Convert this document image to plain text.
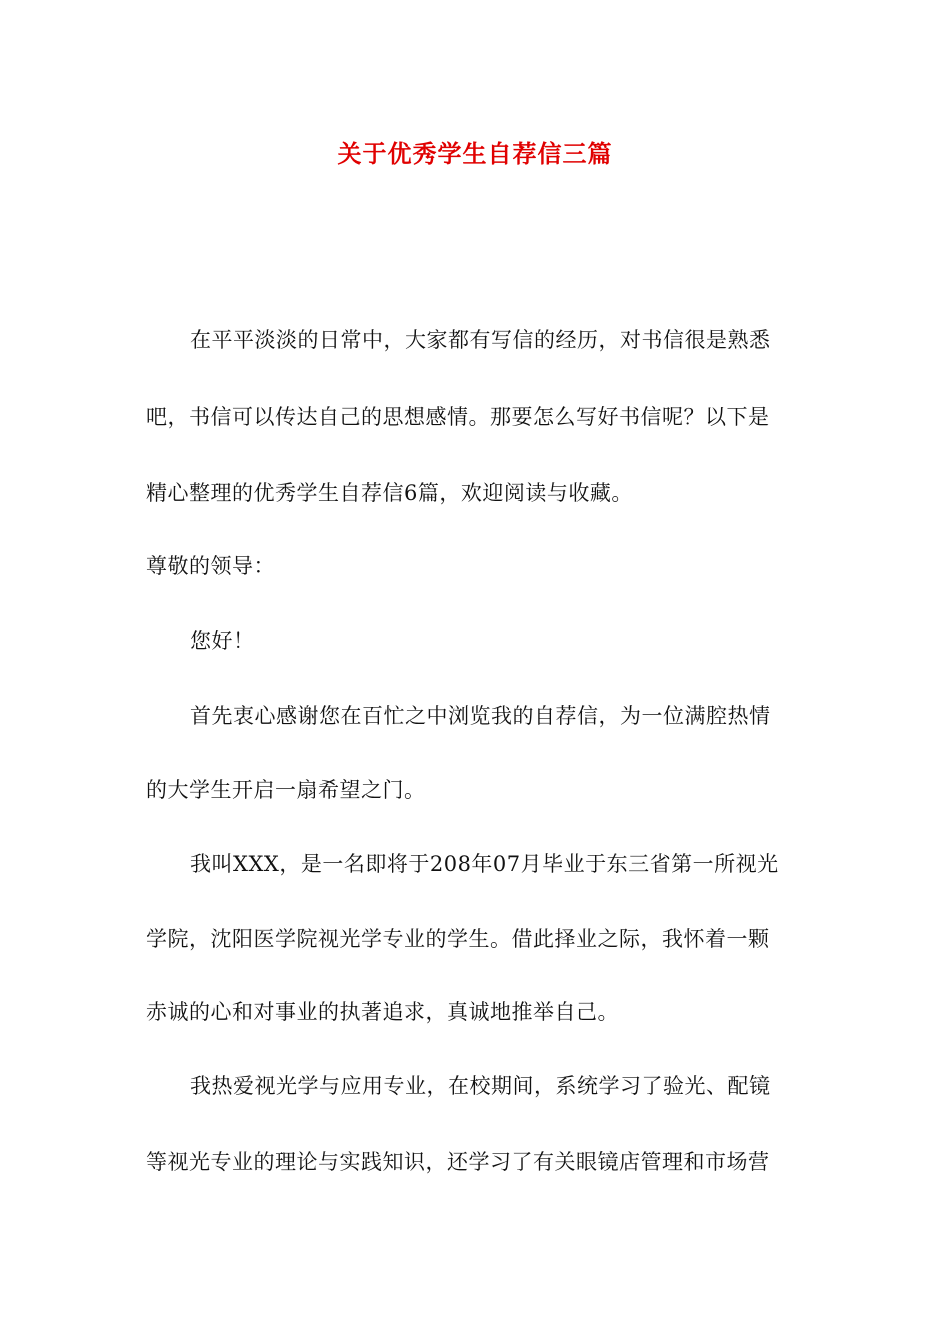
关于优秀学生自荐信三篇
在平平淡淡的日常中，大家都有写信的经历，对书信很是熟悉
吧，书信可以传达自己的思想感情。那要怎么写好书信呢？以下是
精心整理的优秀学生自荐信6篇，欢迎阅读与收藏。
尊敬的领导：
您好！
首先衷心感谢您在百忙之中浏览我的自荐信，为一位满腔热情
的大学生开启一扇希望之门。
我叫XXX，是一名即将于208年07月毕业于东三省第一所视光
学院，沈阳医学院视光学专业的学生。借此择业之际，我怀着一颗
赤诚的心和对事业的执著追求，真诚地推举自己。
我热爱视光学与应用专业，在校期间，系统学习了验光、配镜
等视光专业的理论与实践知识，还学习了有关眼镜店管理和市场营
